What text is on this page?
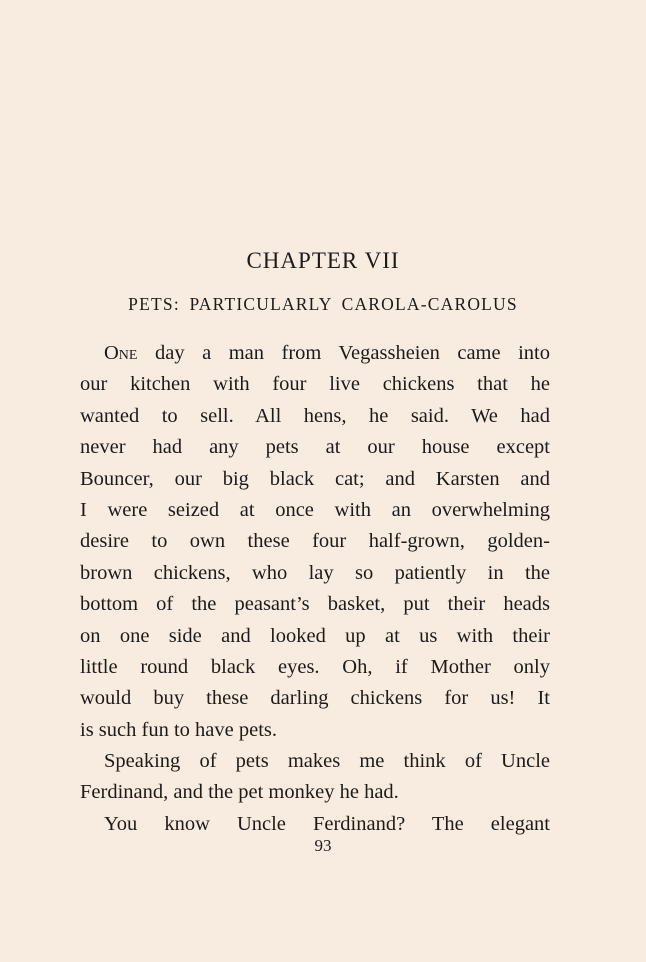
CHAPTER VII
PETS: PARTICULARLY CAROLA-CAROLUS
One day a man from Vegassheien came into
our kitchen with four live chickens that he
wanted to sell. All hens, he said. We had
never had any pets at our house except
Bouncer, our big black cat; and Karsten and
I were seized at once with an overwhelming
desire to own these four half-grown, golden-
brown chickens, who lay so patiently in the
bottom of the peasant’s basket, put their heads
on one side and looked up at us with their
little round black eyes. Oh, if Mother only
would buy these darling chickens for us! It
is such fun to have pets.
Speaking of pets makes me think of Uncle
Ferdinand, and the pet monkey he had.
You know Uncle Ferdinand? The elegant

93
